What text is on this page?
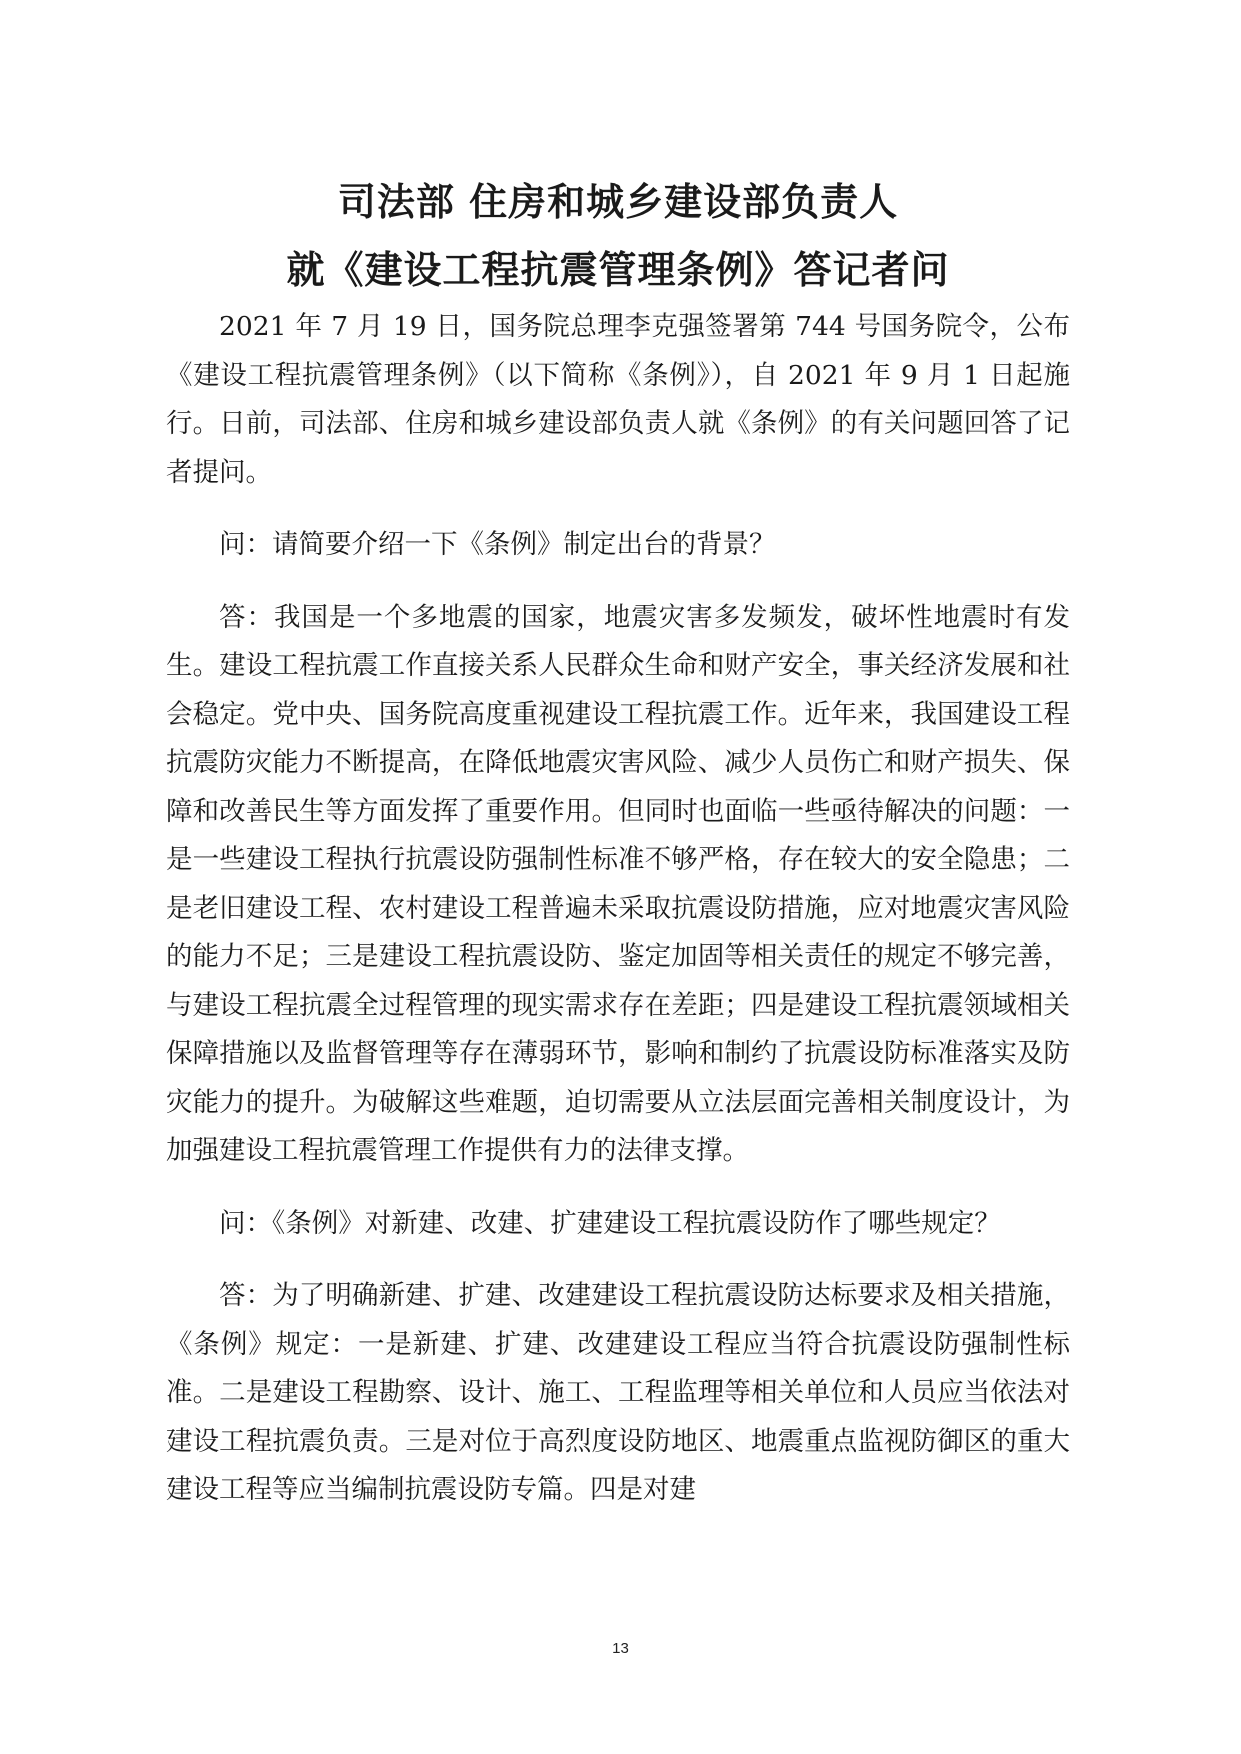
司法部 住房和城乡建设部负责人
就《建设工程抗震管理条例》答记者问

2021 年 7 月 19 日，国务院总理李克强签署第 744 号国务院令，公布《建设工程抗震管理条例》（以下简称《条例》），自 2021 年 9 月 1 日起施行。日前，司法部、住房和城乡建设部负责人就《条例》的有关问题回答了记者提问。

问：请简要介绍一下《条例》制定出台的背景？

答：我国是一个多地震的国家，地震灾害多发频发，破坏性地震时有发生。建设工程抗震工作直接关系人民群众生命和财产安全，事关经济发展和社会稳定。党中央、国务院高度重视建设工程抗震工作。近年来，我国建设工程抗震防灾能力不断提高，在降低地震灾害风险、减少人员伤亡和财产损失、保障和改善民生等方面发挥了重要作用。但同时也面临一些亟待解决的问题：一是一些建设工程执行抗震设防强制性标准不够严格，存在较大的安全隐患；二是老旧建设工程、农村建设工程普遍未采取抗震设防措施，应对地震灾害风险的能力不足；三是建设工程抗震设防、鉴定加固等相关责任的规定不够完善，与建设工程抗震全过程管理的现实需求存在差距；四是建设工程抗震领域相关保障措施以及监督管理等存在薄弱环节，影响和制约了抗震设防标准落实及防灾能力的提升。为破解这些难题，迫切需要从立法层面完善相关制度设计，为加强建设工程抗震管理工作提供有力的法律支撑。

问：《条例》对新建、改建、扩建建设工程抗震设防作了哪些规定？

答：为了明确新建、扩建、改建建设工程抗震设防达标要求及相关措施，《条例》规定：一是新建、扩建、改建建设工程应当符合抗震设防强制性标准。二是建设工程勘察、设计、施工、工程监理等相关单位和人员应当依法对建设工程抗震负责。三是对位于高烈度设防地区、地震重点监视防御区的重大建设工程等应当编制抗震设防专篇。四是对建

13
